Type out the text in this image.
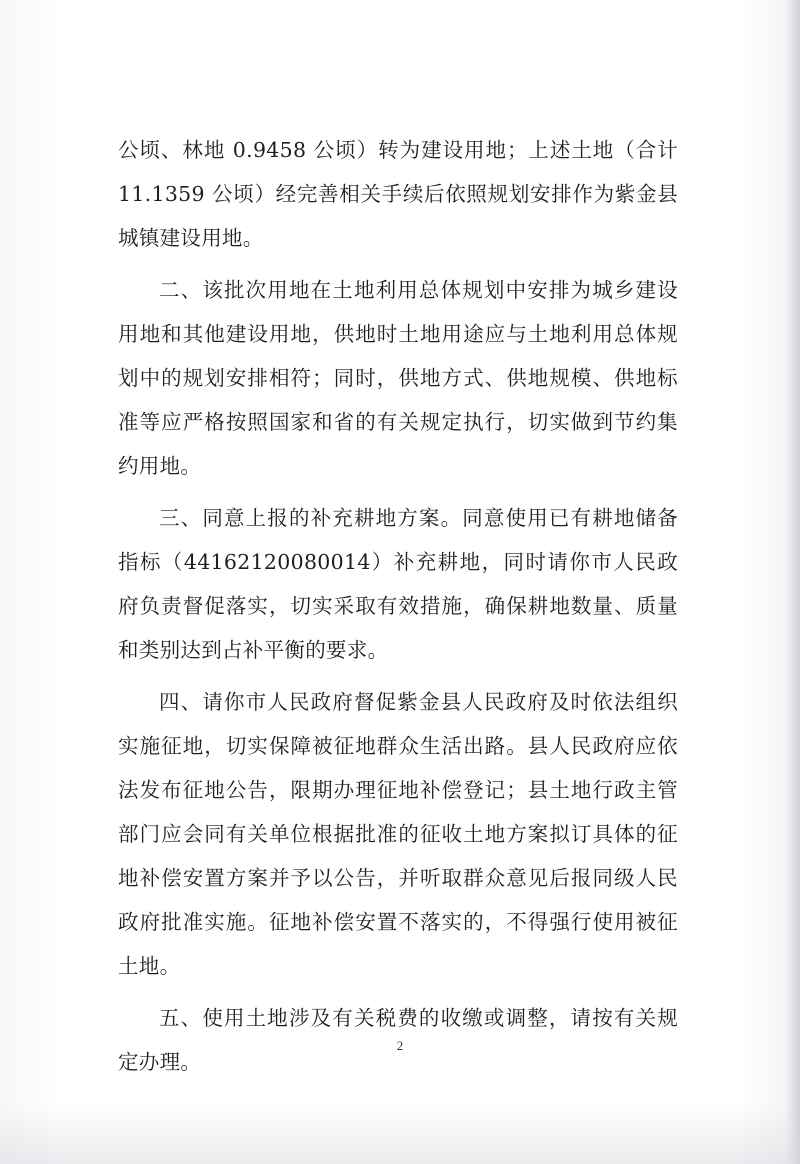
公顷、林地 0.9458 公顷）转为建设用地；上述土地（合计 11.1359 公顷）经完善相关手续后依照规划安排作为紫金县城镇建设用地。

二、该批次用地在土地利用总体规划中安排为城乡建设用地和其他建设用地，供地时土地用途应与土地利用总体规划中的规划安排相符；同时，供地方式、供地规模、供地标准等应严格按照国家和省的有关规定执行，切实做到节约集约用地。

三、同意上报的补充耕地方案。同意使用已有耕地储备指标（44162120080014）补充耕地，同时请你市人民政府负责督促落实，切实采取有效措施，确保耕地数量、质量和类别达到占补平衡的要求。

四、请你市人民政府督促紫金县人民政府及时依法组织实施征地，切实保障被征地群众生活出路。县人民政府应依法发布征地公告，限期办理征地补偿登记；县土地行政主管部门应会同有关单位根据批准的征收土地方案拟订具体的征地补偿安置方案并予以公告，并听取群众意见后报同级人民政府批准实施。征地补偿安置不落实的，不得强行使用被征土地。

五、使用土地涉及有关税费的收缴或调整，请按有关规定办理。

2
